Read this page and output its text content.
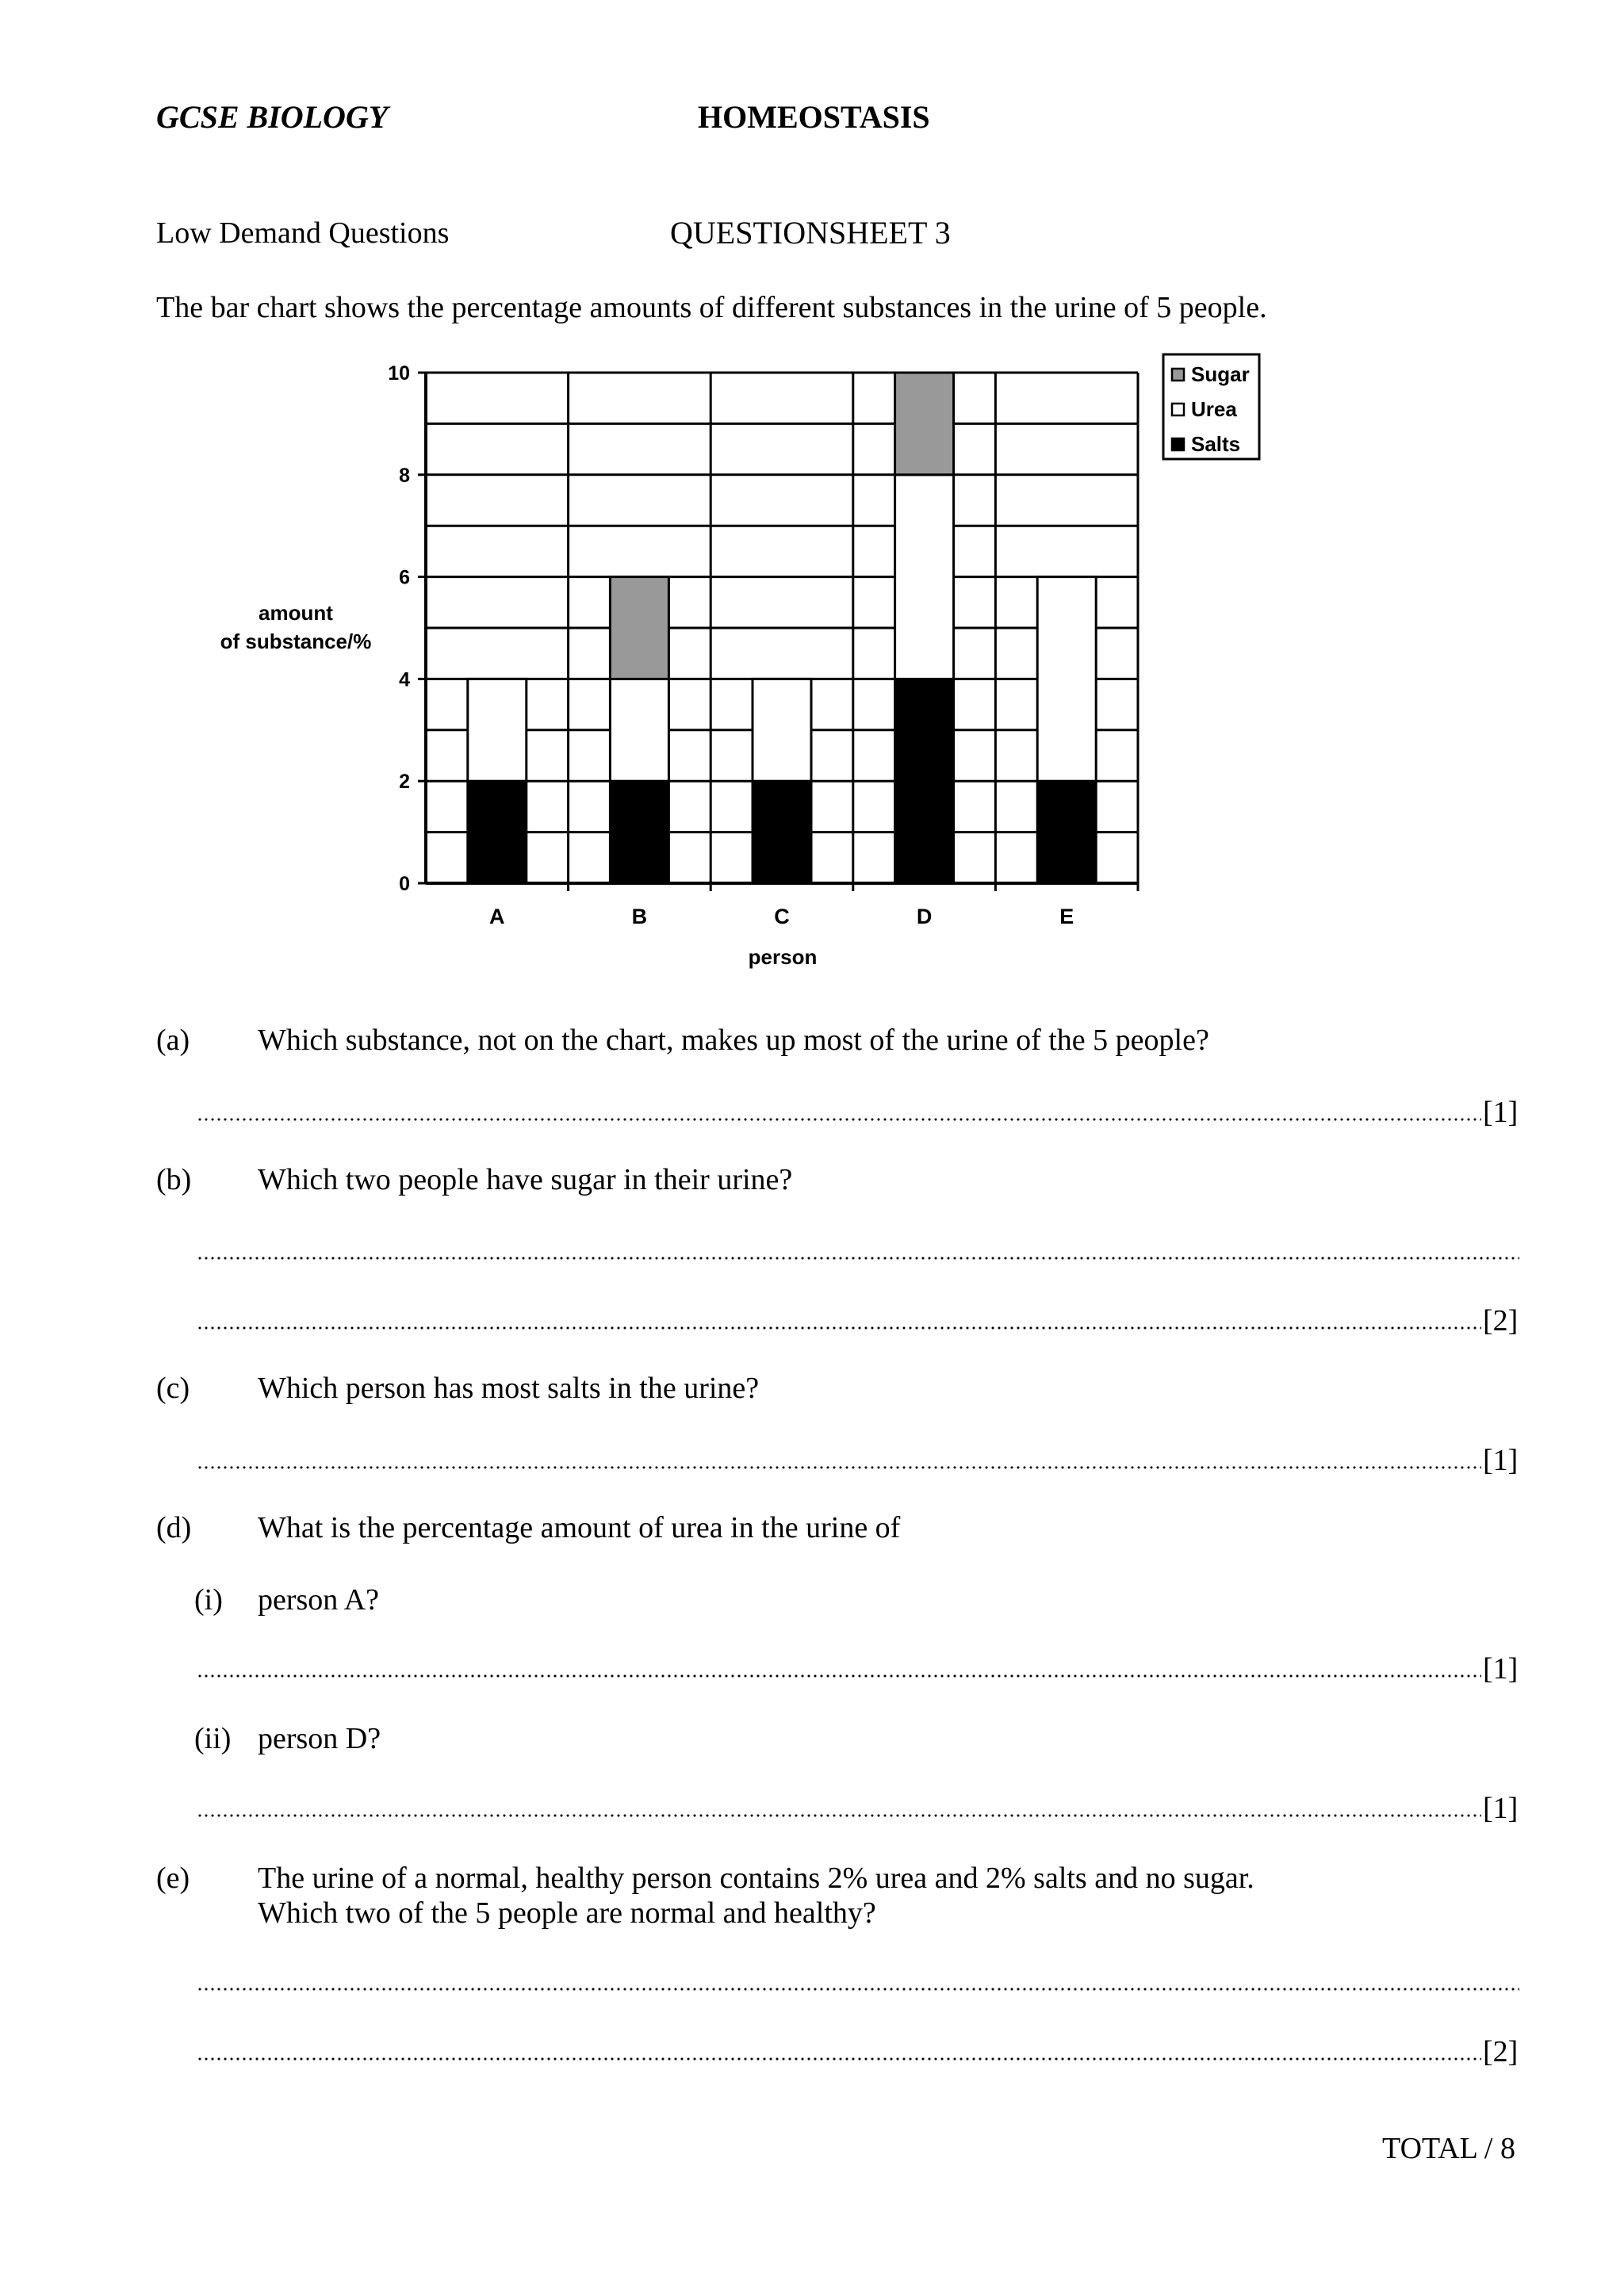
GCSE BIOLOGY	HOMEOSTASIS
Low Demand Questions	QUESTIONSHEET 3
The bar chart shows the percentage amounts of different substances in the urine of 5 people.
A	B	C	D	E
0
2
4
6
8
10
amount
of substance/%
person
Sugar
Urea
Salts
(a) Which substance, not on the chart, makes up most of the urine of the 5 people?
[1]
(b) Which two people have sugar in their urine?
[2]
(c) Which person has most salts in the urine?
[1]
(d) What is the percentage amount of urea in the urine of
(i) person A?
[1]
(ii) person D?
[1]
(e) The urine of a normal, healthy person contains 2% urea and 2% salts and no sugar.
Which two of the 5 people are normal and healthy?
[2]
TOTAL / 8
